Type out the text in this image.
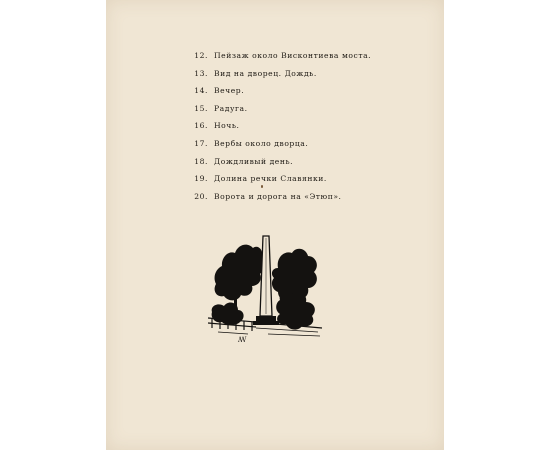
12. Пейзаж около Висконтиева моста.
13. Вид на дворец. Дождь.
14. Вечер.
15. Радуга.
16. Ночь.
17. Вербы около дворца.
18. Дождливый день.
19. Долина речки Славянки.
20. Ворота и дорога на «Этюп».
ꟿ
